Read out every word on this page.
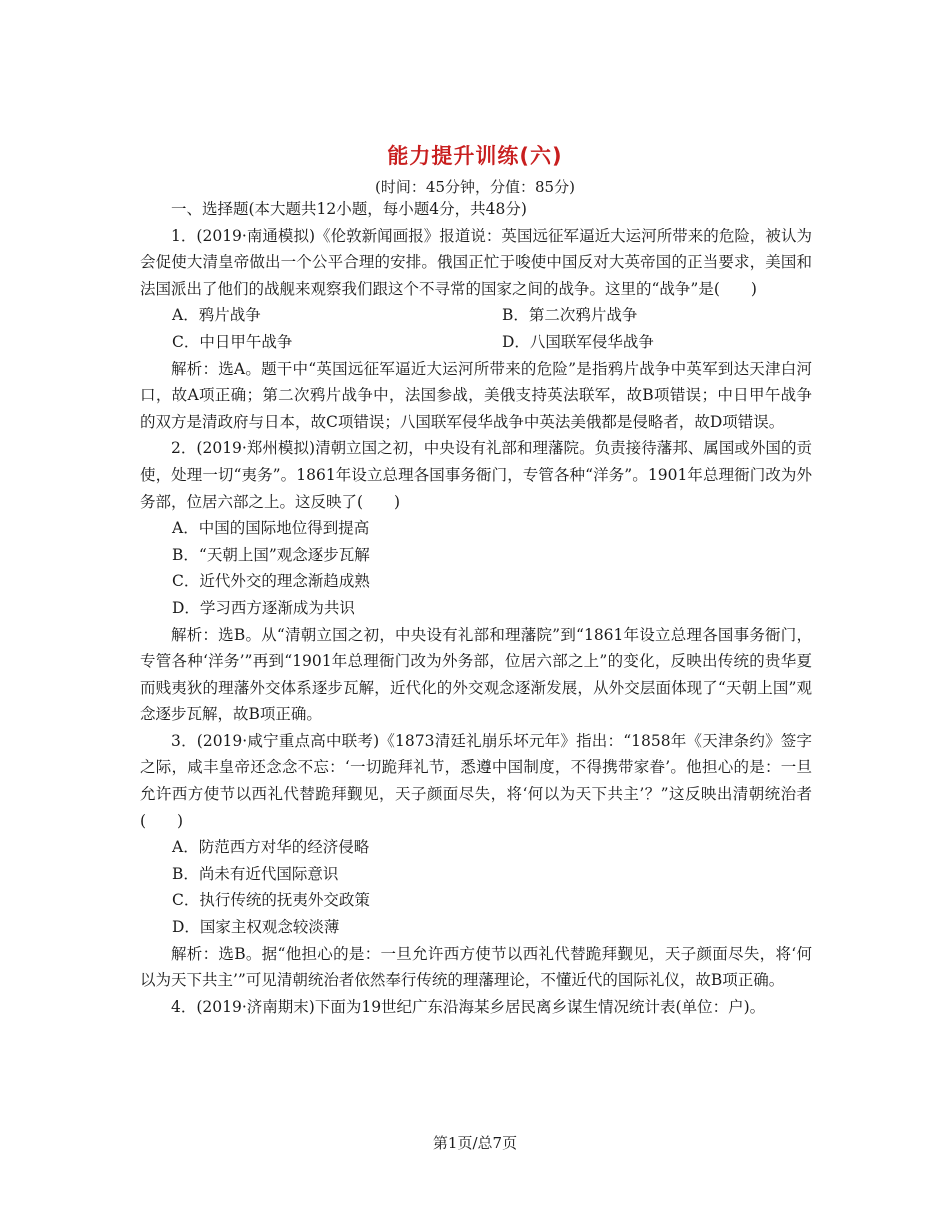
能力提升训练(六)
(时间：45分钟，分值：85分)

一、选择题(本大题共12小题，每小题4分，共48分)

1．(2019·南通模拟)《伦敦新闻画报》报道说：英国远征军逼近大运河所带来的危险，被认为会促使大清皇帝做出一个公平合理的安排。俄国正忙于唆使中国反对大英帝国的正当要求，美国和法国派出了他们的战舰来观察我们跟这个不寻常的国家之间的战争。这里的“战争”是(　　)

A．鸦片战争	B．第二次鸦片战争
C．中日甲午战争	D．八国联军侵华战争

解析：选A。题干中“英国远征军逼近大运河所带来的危险”是指鸦片战争中英军到达天津白河口，故A项正确；第二次鸦片战争中，法国参战，美俄支持英法联军，故B项错误；中日甲午战争的双方是清政府与日本，故C项错误；八国联军侵华战争中英法美俄都是侵略者，故D项错误。

2．(2019·郑州模拟)清朝立国之初，中央设有礼部和理藩院。负责接待藩邦、属国或外国的贡使，处理一切“夷务”。1861年设立总理各国事务衙门，专管各种“洋务”。1901年总理衙门改为外务部，位居六部之上。这反映了(　　)

A．中国的国际地位得到提高

B．“天朝上国”观念逐步瓦解

C．近代外交的理念渐趋成熟

D．学习西方逐渐成为共识

解析：选B。从“清朝立国之初，中央设有礼部和理藩院”到“1861年设立总理各国事务衙门，专管各种‘洋务’”再到“1901年总理衙门改为外务部，位居六部之上”的变化，反映出传统的贵华夏而贱夷狄的理藩外交体系逐步瓦解，近代化的外交观念逐渐发展，从外交层面体现了“天朝上国”观念逐步瓦解，故B项正确。

3．(2019·咸宁重点高中联考)《1873清廷礼崩乐坏元年》指出：“1858年《天津条约》签字之际，咸丰皇帝还念念不忘：‘一切跪拜礼节，悉遵中国制度，不得携带家眷’。他担心的是：一旦允许西方使节以西礼代替跪拜觐见，天子颜面尽失，将‘何以为天下共主’？”这反映出清朝统治者(　　)

A．防范西方对华的经济侵略

B．尚未有近代国际意识

C．执行传统的抚夷外交政策

D．国家主权观念较淡薄

解析：选B。据“他担心的是：一旦允许西方使节以西礼代替跪拜觐见，天子颜面尽失，将‘何以为天下共主’”可见清朝统治者依然奉行传统的理藩理论，不懂近代的国际礼仪，故B项正确。

4．(2019·济南期末)下面为19世纪广东沿海某乡居民离乡谋生情况统计表(单位：户)。

第1页/总7页
